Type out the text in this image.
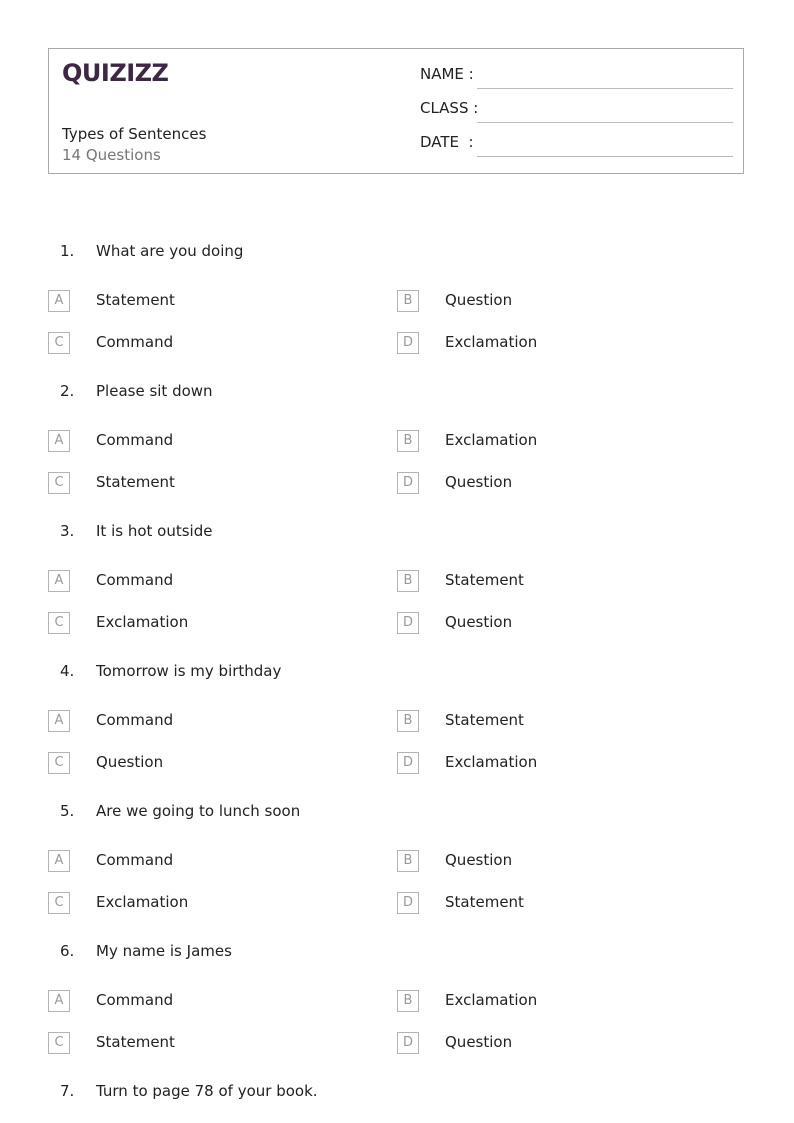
QUIZIZZ
Types of Sentences
14 Questions
NAME :
CLASS :
DATE  :
1. What are you doing
A	Statement	B	Question
C	Command	D	Exclamation
2. Please sit down
A	Command	B	Exclamation
C	Statement	D	Question
3. It is hot outside
A	Command	B	Statement
C	Exclamation	D	Question
4. Tomorrow is my birthday
A	Command	B	Statement
C	Question	D	Exclamation
5. Are we going to lunch soon
A	Command	B	Question
C	Exclamation	D	Statement
6. My name is James
A	Command	B	Exclamation
C	Statement	D	Question
7. Turn to page 78 of your book.
